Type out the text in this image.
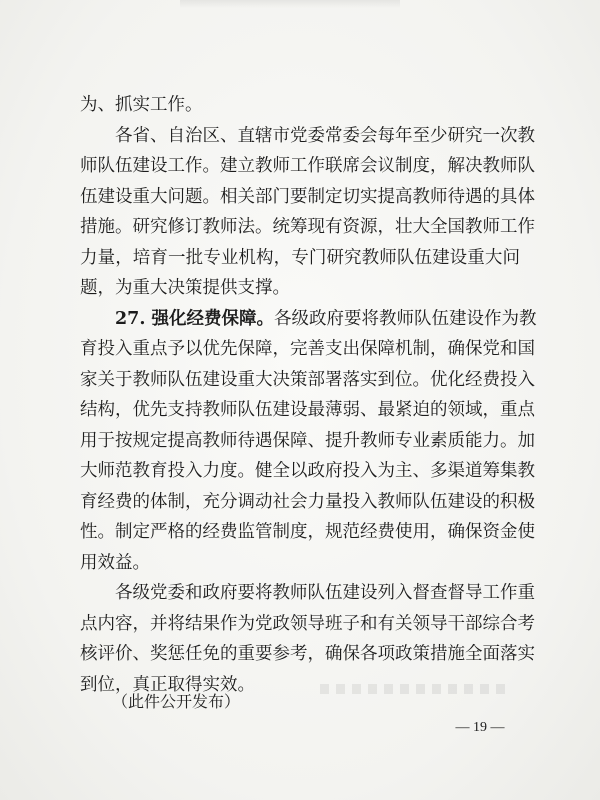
为、抓实工作。
各省、自治区、直辖市党委常委会每年至少研究一次教
师队伍建设工作。建立教师工作联席会议制度，解决教师队
伍建设重大问题。相关部门要制定切实提高教师待遇的具体
措施。研究修订教师法。统筹现有资源，壮大全国教师工作
力量，培育一批专业机构，专门研究教师队伍建设重大问
题，为重大决策提供支撑。
27. 强化经费保障。各级政府要将教师队伍建设作为教
育投入重点予以优先保障，完善支出保障机制，确保党和国
家关于教师队伍建设重大决策部署落实到位。优化经费投入
结构，优先支持教师队伍建设最薄弱、最紧迫的领域，重点
用于按规定提高教师待遇保障、提升教师专业素质能力。加
大师范教育投入力度。健全以政府投入为主、多渠道筹集教
育经费的体制，充分调动社会力量投入教师队伍建设的积极
性。制定严格的经费监管制度，规范经费使用，确保资金使
用效益。
各级党委和政府要将教师队伍建设列入督查督导工作重
点内容，并将结果作为党政领导班子和有关领导干部综合考
核评价、奖惩任免的重要参考，确保各项政策措施全面落实
到位，真正取得实效。
（此件公开发布）
— 19 —
